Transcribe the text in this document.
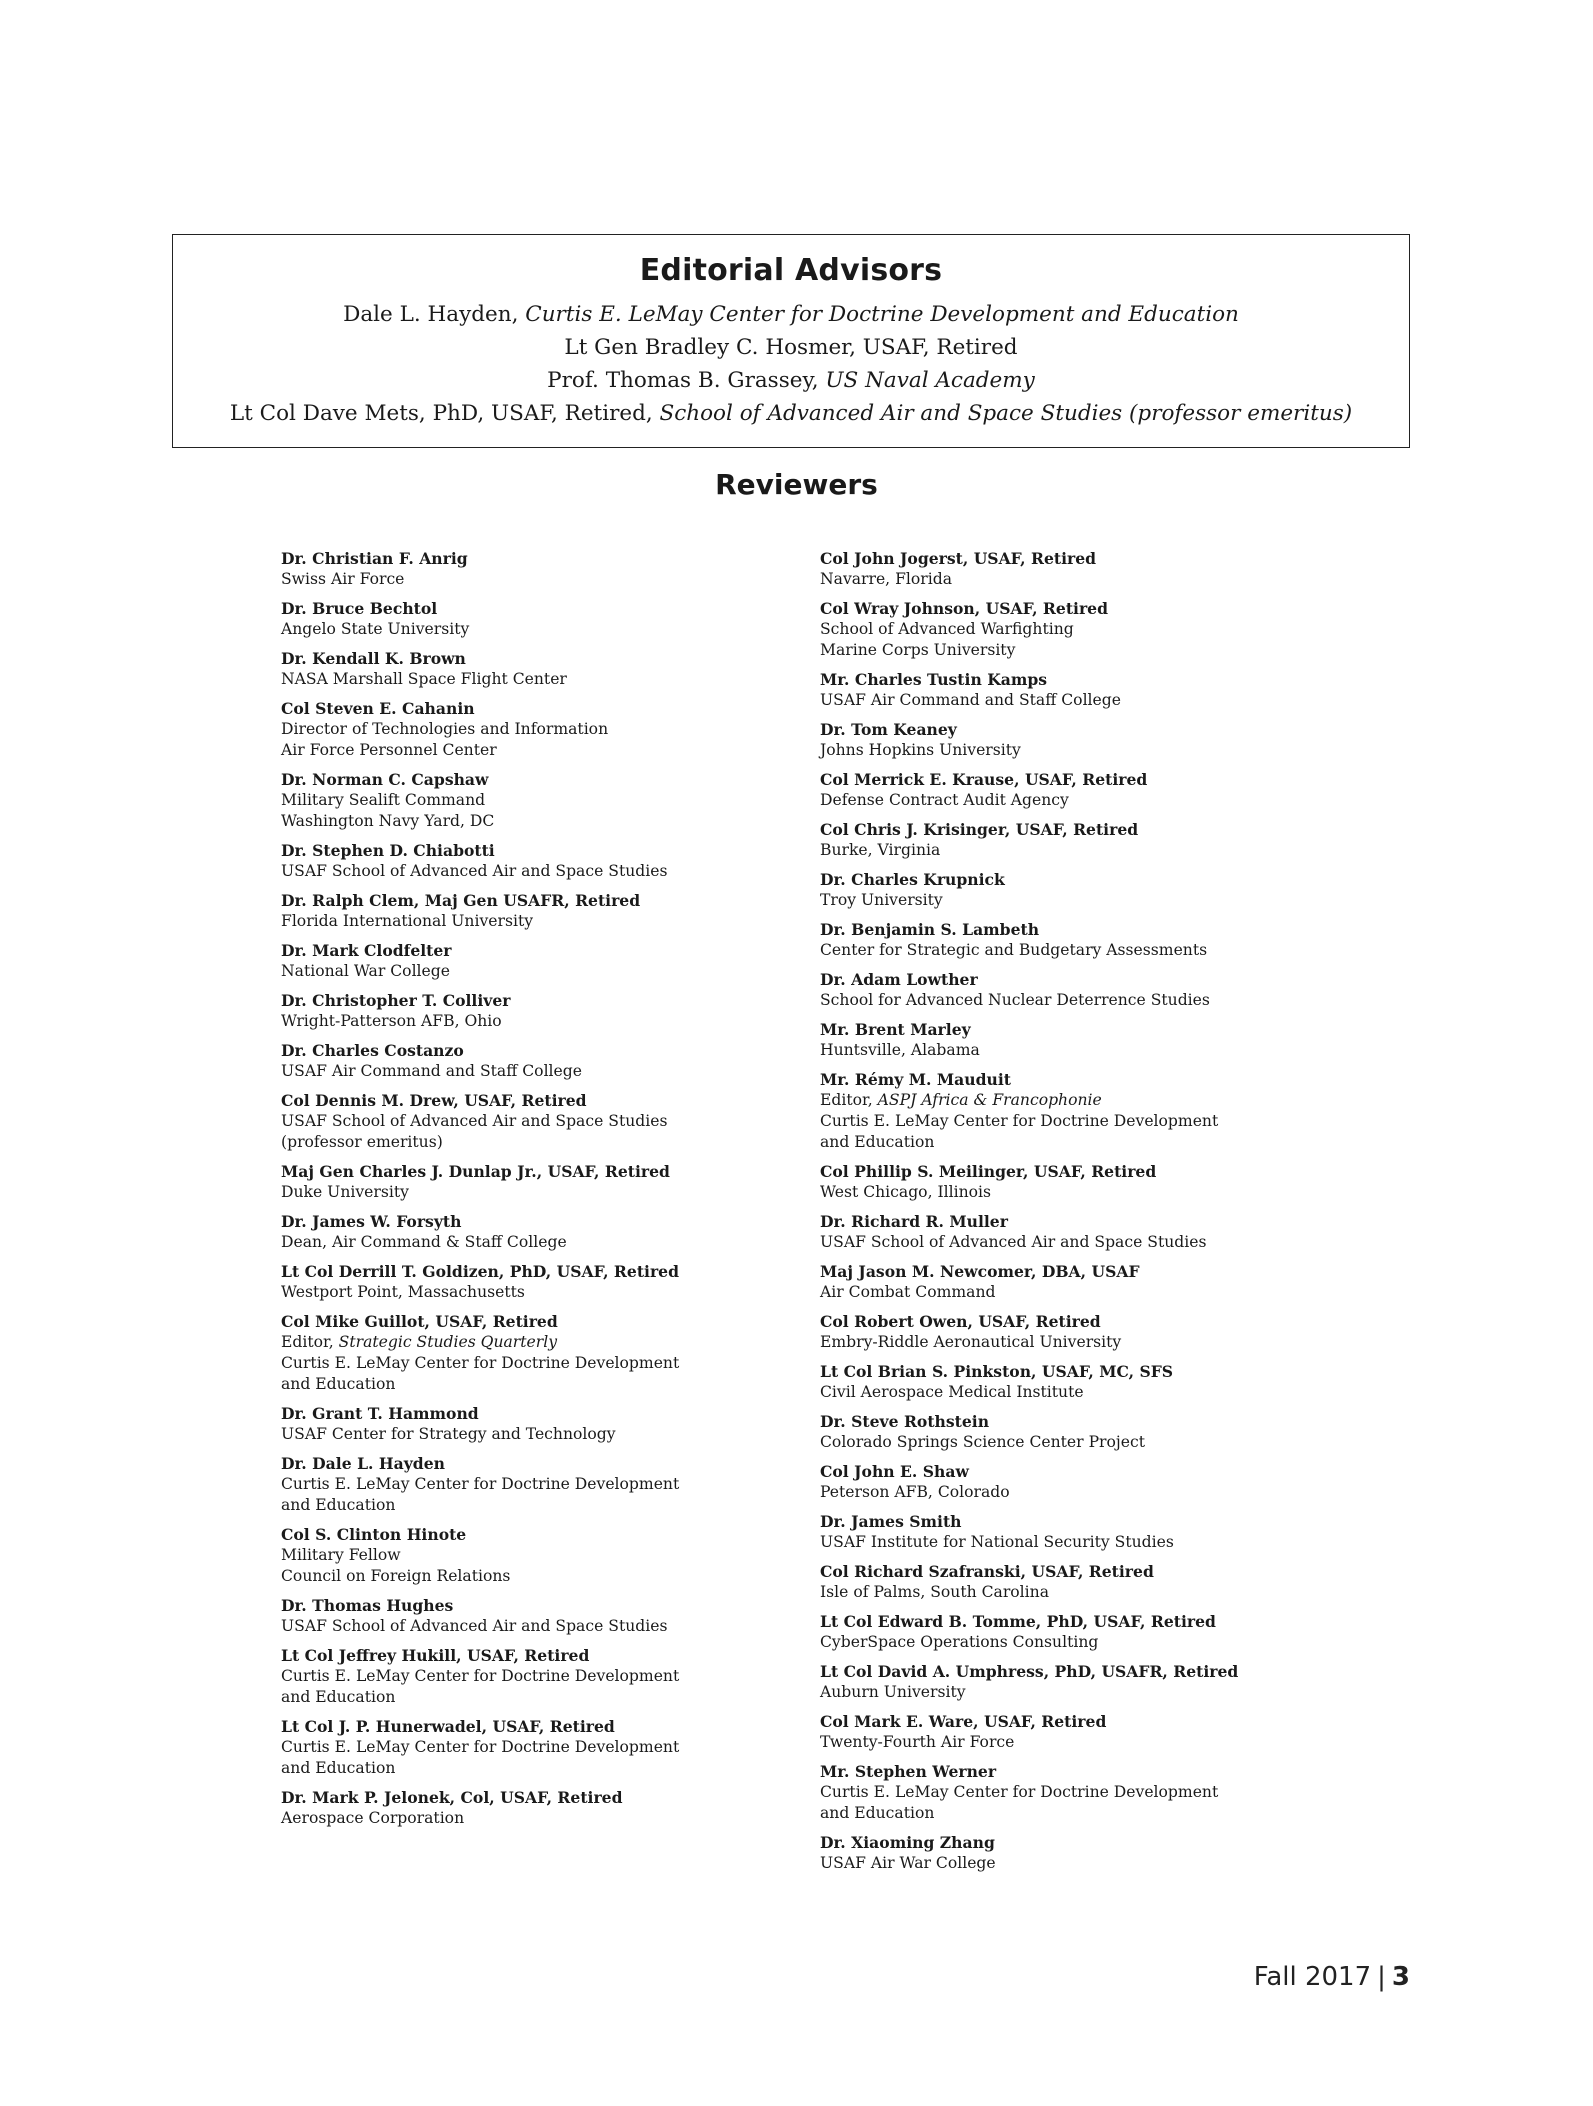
Editorial Advisors
Dale L. Hayden, Curtis E. LeMay Center for Doctrine Development and Education
Lt Gen Bradley C. Hosmer, USAF, Retired
Prof. Thomas B. Grassey, US Naval Academy
Lt Col Dave Mets, PhD, USAF, Retired, School of Advanced Air and Space Studies (professor emeritus)
Reviewers
Dr. Christian F. Anrig
Swiss Air Force
Dr. Bruce Bechtol
Angelo State University
Dr. Kendall K. Brown
NASA Marshall Space Flight Center
Col Steven E. Cahanin
Director of Technologies and Information
Air Force Personnel Center
Dr. Norman C. Capshaw
Military Sealift Command
Washington Navy Yard, DC
Dr. Stephen D. Chiabotti
USAF School of Advanced Air and Space Studies
Dr. Ralph Clem, Maj Gen USAFR, Retired
Florida International University
Dr. Mark Clodfelter
National War College
Dr. Christopher T. Colliver
Wright-Patterson AFB, Ohio
Dr. Charles Costanzo
USAF Air Command and Staff College
Col Dennis M. Drew, USAF, Retired
USAF School of Advanced Air and Space Studies
(professor emeritus)
Maj Gen Charles J. Dunlap Jr., USAF, Retired
Duke University
Dr. James W. Forsyth
Dean, Air Command & Staff College
Lt Col Derrill T. Goldizen, PhD, USAF, Retired
Westport Point, Massachusetts
Col Mike Guillot, USAF, Retired
Editor, Strategic Studies Quarterly
Curtis E. LeMay Center for Doctrine Development
and Education
Dr. Grant T. Hammond
USAF Center for Strategy and Technology
Dr. Dale L. Hayden
Curtis E. LeMay Center for Doctrine Development
and Education
Col S. Clinton Hinote
Military Fellow
Council on Foreign Relations
Dr. Thomas Hughes
USAF School of Advanced Air and Space Studies
Lt Col Jeffrey Hukill, USAF, Retired
Curtis E. LeMay Center for Doctrine Development
and Education
Lt Col J. P. Hunerwadel, USAF, Retired
Curtis E. LeMay Center for Doctrine Development
and Education
Dr. Mark P. Jelonek, Col, USAF, Retired
Aerospace Corporation
Col John Jogerst, USAF, Retired
Navarre, Florida
Col Wray Johnson, USAF, Retired
School of Advanced Warfighting
Marine Corps University
Mr. Charles Tustin Kamps
USAF Air Command and Staff College
Dr. Tom Keaney
Johns Hopkins University
Col Merrick E. Krause, USAF, Retired
Defense Contract Audit Agency
Col Chris J. Krisinger, USAF, Retired
Burke, Virginia
Dr. Charles Krupnick
Troy University
Dr. Benjamin S. Lambeth
Center for Strategic and Budgetary Assessments
Dr. Adam Lowther
School for Advanced Nuclear Deterrence Studies
Mr. Brent Marley
Huntsville, Alabama
Mr. Rémy M. Mauduit
Editor, ASPJ Africa & Francophonie
Curtis E. LeMay Center for Doctrine Development
and Education
Col Phillip S. Meilinger, USAF, Retired
West Chicago, Illinois
Dr. Richard R. Muller
USAF School of Advanced Air and Space Studies
Maj Jason M. Newcomer, DBA, USAF
Air Combat Command
Col Robert Owen, USAF, Retired
Embry-Riddle Aeronautical University
Lt Col Brian S. Pinkston, USAF, MC, SFS
Civil Aerospace Medical Institute
Dr. Steve Rothstein
Colorado Springs Science Center Project
Col John E. Shaw
Peterson AFB, Colorado
Dr. James Smith
USAF Institute for National Security Studies
Col Richard Szafranski, USAF, Retired
Isle of Palms, South Carolina
Lt Col Edward B. Tomme, PhD, USAF, Retired
CyberSpace Operations Consulting
Lt Col David A. Umphress, PhD, USAFR, Retired
Auburn University
Col Mark E. Ware, USAF, Retired
Twenty-Fourth Air Force
Mr. Stephen Werner
Curtis E. LeMay Center for Doctrine Development
and Education
Dr. Xiaoming Zhang
USAF Air War College
Fall 2017 | 3
